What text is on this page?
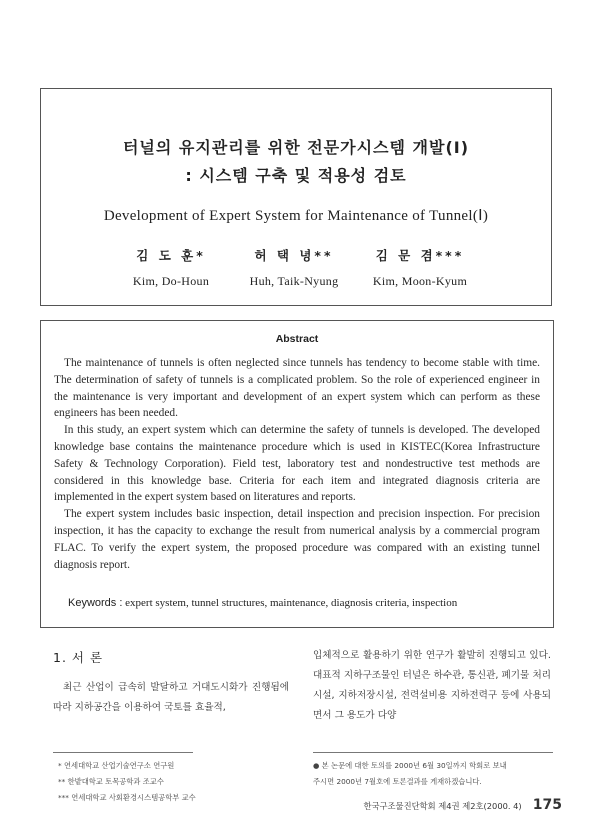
터널의 유지관리를 위한 전문가시스템 개발(Ⅰ)
: 시스템 구축 및 적용성 검토
Development of Expert System for Maintenance of Tunnel(Ⅰ)
김 도 훈*
Kim, Do-Houn
허 택 녕**
Huh, Taik-Nyung
김 문 겸***
Kim, Moon-Kyum
Abstract

The maintenance of tunnels is often neglected since tunnels has tendency to become stable with time. The determination of safety of tunnels is a complicated problem. So the role of experienced engineer in the maintenance is very important and development of an expert system which can perform as these engineers has been needed.

In this study, an expert system which can determine the safety of tunnels is developed. The developed knowledge base contains the maintenance procedure which is used in KISTEC(Korea Infrastructure Safety & Technology Corporation). Field test, laboratory test and nondestructive test methods are considered in this knowledge base. Criteria for each item and integrated diagnosis criteria are implemented in the expert system based on literatures and reports.

The expert system includes basic inspection, detail inspection and precision inspection. For precision inspection, it has the capacity to exchange the result from numerical analysis by a commercial program FLAC. To verify the expert system, the proposed procedure was compared with an existing tunnel diagnosis report.

Keywords : expert system, tunnel structures, maintenance, diagnosis criteria, inspection
1. 서 론
최근 산업이 급속히 발달하고 거대도시화가 진행됨에 따라 지하공간을 이용하여 국토를 효율적,
입체적으로 활용하기 위한 연구가 활발히 진행되고 있다. 대표적 지하구조물인 터널은 하수관, 통신관, 폐기물 처리시설, 지하저장시설, 전력설비용 지하전력구 등에 사용되면서 그 용도가 다양
* 연세대학교 산업기술연구소 연구원
** 한밭대학교 토목공학과 조교수
*** 연세대학교 사회환경시스템공학부 교수
● 본 논문에 대한 토의를 2000년 6월 30일까지 학회로 보내
주시면 2000년 7월호에 토론결과를 게재하겠습니다.
한국구조물진단학회 제4권 제2호(2000. 4) 175
